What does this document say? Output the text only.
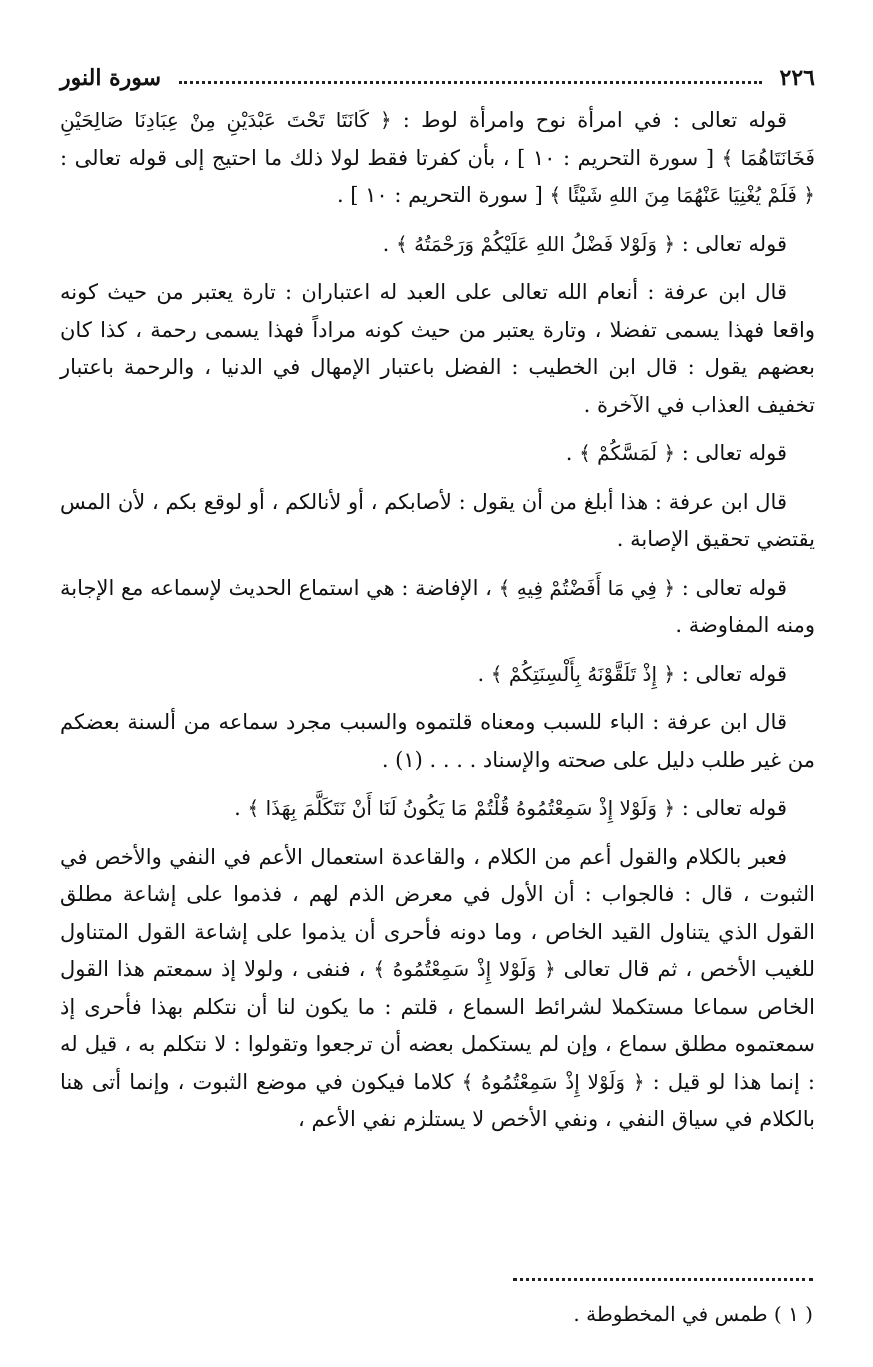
سورة النور	٢٢٦

قوله تعالى : في امرأة نوح وامرأة لوط : ﴿ كَانَتَا تَحْتَ عَبْدَيْنِ مِنْ عِبَادِنَا صَالِحَيْنِ فَخَانَتَاهُمَا ﴾ [ سورة التحريم : ١٠ ] ، بأن كفرتا فقط لولا ذلك ما احتيج إلى قوله تعالى : ﴿ فَلَمْ يُغْنِيَا عَنْهُمَا مِنَ اللهِ شَيْئًا ﴾ [ سورة التحريم : ١٠ ] .

قوله تعالى : ﴿ وَلَوْلا فَضْلُ اللهِ عَلَيْكُمْ وَرَحْمَتُهُ ﴾ .

قال ابن عرفة : أنعام الله تعالى على العبد له اعتباران : تارة يعتبر من حيث كونه واقعا فهذا يسمى تفضلا ، وتارة يعتبر من حيث كونه مراداً فهذا يسمى رحمة ، كذا كان بعضهم يقول : قال ابن الخطيب : الفضل باعتبار الإمهال في الدنيا ، والرحمة باعتبار تخفيف العذاب في الآخرة .

قوله تعالى : ﴿ لَمَسَّكُمْ ﴾ .

قال ابن عرفة : هذا أبلغ من أن يقول : لأصابكم ، أو لأنالكم ، أو لوقع بكم ، لأن المس يقتضي تحقيق الإصابة .

قوله تعالى : ﴿ فِي مَا أَفَضْتُمْ فِيهِ ﴾ ، الإفاضة : هي استماع الحديث لإسماعه مع الإجابة ومنه المفاوضة .

قوله تعالى : ﴿ إِذْ تَلَقَّوْنَهُ بِأَلْسِنَتِكُمْ ﴾ .

قال ابن عرفة : الباء للسبب ومعناه قلتموه والسبب مجرد سماعه من ألسنة بعضكم من غير طلب دليل على صحته والإسناد . . . . (١) .

قوله تعالى : ﴿ وَلَوْلا إِذْ سَمِعْتُمُوهُ قُلْتُمْ مَا يَكُونُ لَنَا أَنْ نَتَكَلَّمَ بِهَذَا ﴾ .

فعبر بالكلام والقول أعم من الكلام ، والقاعدة استعمال الأعم في النفي والأخص في الثبوت ، قال : فالجواب : أن الأول في معرض الذم لهم ، فذموا على إشاعة مطلق القول الذي يتناول القيد الخاص ، وما دونه فأحرى أن يذموا على إشاعة القول المتناول للغيب الأخص ، ثم قال تعالى ﴿ وَلَوْلا إِذْ سَمِعْتُمُوهُ ﴾ ، فنفى ، ولولا إذ سمعتم هذا القول الخاص سماعا مستكملا لشرائط السماع ، قلتم : ما يكون لنا أن نتكلم بهذا فأحرى إذ سمعتموه مطلق سماع ، وإن لم يستكمل بعضه أن ترجعوا وتقولوا : لا نتكلم به ، قيل له : إنما هذا لو قيل : ﴿ وَلَوْلا إِذْ سَمِعْتُمُوهُ ﴾ كلاما فيكون في موضع الثبوت ، وإنما أتى هنا بالكلام في سياق النفي ، ونفي الأخص لا يستلزم نفي الأعم ،

( ١ ) طمس في المخطوطة .
